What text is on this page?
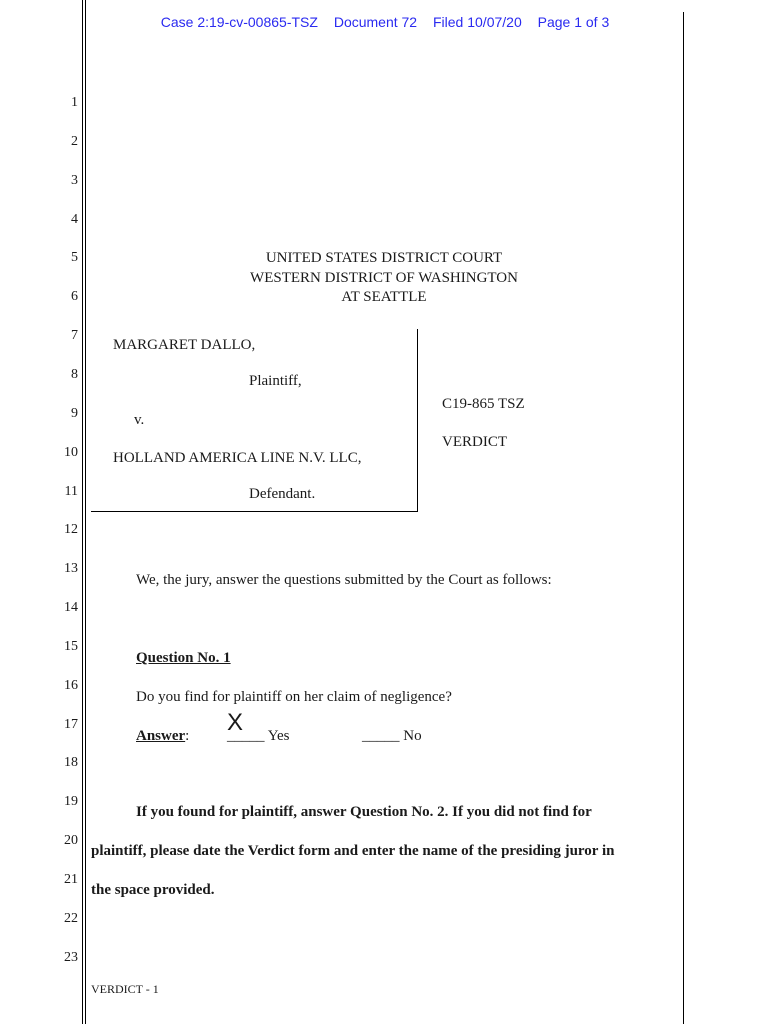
Case 2:19-cv-00865-TSZ Document 72 Filed 10/07/20 Page 1 of 3
1
2
3
4
5
6
7
8
9
10
11
12
13
14
15
16
17
18
19
20
21
22
23
UNITED STATES DISTRICT COURT
WESTERN DISTRICT OF WASHINGTON
AT SEATTLE
MARGARET DALLO,
Plaintiff,
v.
HOLLAND AMERICA LINE N.V. LLC,
Defendant.
C19-865 TSZ
VERDICT
We, the jury, answer the questions submitted by the Court as follows:
Question No. 1
Do you find for plaintiff on her claim of negligence?
Answer: X
_____ Yes	_____ No
If you found for plaintiff, answer Question No. 2. If you did not find for
plaintiff, please date the Verdict form and enter the name of the presiding juror in
the space provided.
VERDICT - 1
